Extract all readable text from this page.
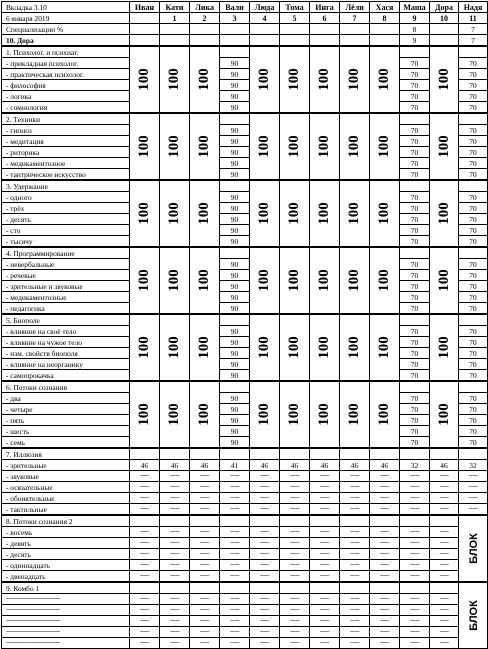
Вкладка 3.10	Иван	Кати	Лика	Вали	Люда	Тома	Инга	Лёли	Хася	Маша	Дора	Надя
6 января 2019		1	2	3	4	5	6	7	8	9	10	11
Специализации %										8		7
10. Дора										9		7
1. Психолог. и психиат.	100	100	100		100	100	100	100	100		100	
- прикладная психолог.				90						70		70
- практическая психолог.				90						70		70
- философия				90						70		70
- логика				90						70		70
- сомнология				90						70		70
2. Техники	100	100	100		100	100	100	100	100		100	
- гипноз				90						70		70
- медитация				90						70		70
- риторика				90						70		70
- медикаментозное				90						70		70
- тантрическое искусство				90						70		70
3. Удержание	100	100	100		100	100	100	100	100		100	
- одного				90						70		70
- трёх				90						70		70
- десять				90						70		70
- сто				90						70		70
- тысячу				90						70		70
4. Программирование	100	100	100		100	100	100	100	100		100	
- невербальные				90						70		70
- речевые				90						70		70
- зрительные и звуковые				90						70		70
- медикаментозные				90						70		70
- педагогика				90						70		70
5. Биополе	100	100	100		100	100	100	100	100		100	
- влияние на своё тело				90						70		70
- влияние на чужое тело				90						70		70
- изм. свойств биополя				90						70		70
- влияние на неорганику				90						70		70
- самопрокачка				90						70		70
6. Потоки сознания	100	100	100		100	100	100	100	100		100	
- два				90						70		70
- четыре				90						70		70
- пять				90						70		70
- шесть				90						70		70
- семь				90						70		70
7. Иллюзия												
- зрительные	46	46	46	41	46	46	46	46	46	32	46	32
- звуковые	------	------	------	------	------	------	------	------	------	------	------	------
- осязательные	------	------	------	------	------	------	------	------	------	------	------	------
- обонятельные	------	------	------	------	------	------	------	------	------	------	------	------
- тактильные	------	------	------	------	------	------	------	------	------	------	------	------
8. Потоки сознания 2												БЛОК
- восемь	------	------	------	------	------	------	------	------	------	------	------	
- девять	------	------	------	------	------	------	------	------	------	------	------	
- десять	------	------	------	------	------	------	------	------	------	------	------	
- одиннадцать	------	------	------	------	------	------	------	------	------	------	------	
- двенадцать	------	------	------	------	------	------	------	------	------	------	------	
9. Комбо 1												БЛОК
------------------------------------	------	------	------	------	------	------	------	------	------	------	------	
------------------------------------	------	------	------	------	------	------	------	------	------	------	------	
------------------------------------	------	------	------	------	------	------	------	------	------	------	------	
------------------------------------	------	------	------	------	------	------	------	------	------	------	------	
------------------------------------	------	------	------	------	------	------	------	------	------	------	------	
